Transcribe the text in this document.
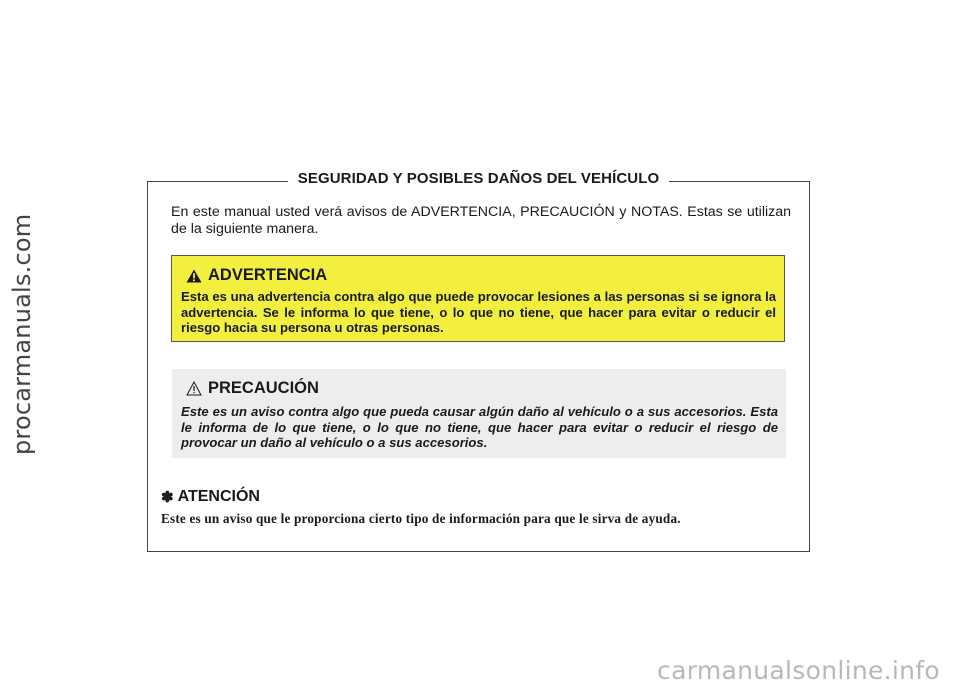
procarmanuals.com
carmanualsonline.info
SEGURIDAD Y POSIBLES DAÑOS DEL VEHÍCULO
En este manual usted verá avisos de ADVERTENCIA, PRECAUCIÓN y NOTAS. Estas se utilizan de la siguiente manera.
ADVERTENCIA
Esta es una advertencia contra algo que puede provocar lesiones a las personas si se ignora la advertencia. Se le informa lo que tiene, o lo que no tiene, que hacer para evitar o reducir el riesgo hacia su persona u otras personas.
PRECAUCIÓN
Este es un aviso contra algo que pueda causar algún daño al vehículo o a sus accesorios. Esta le informa de lo que tiene, o lo que no tiene, que hacer para evitar o reducir el riesgo de provocar un daño al vehículo o a sus accesorios.
✽ ATENCIÓN
Este es un aviso que le proporciona cierto tipo de información para que le sirva de ayuda.
